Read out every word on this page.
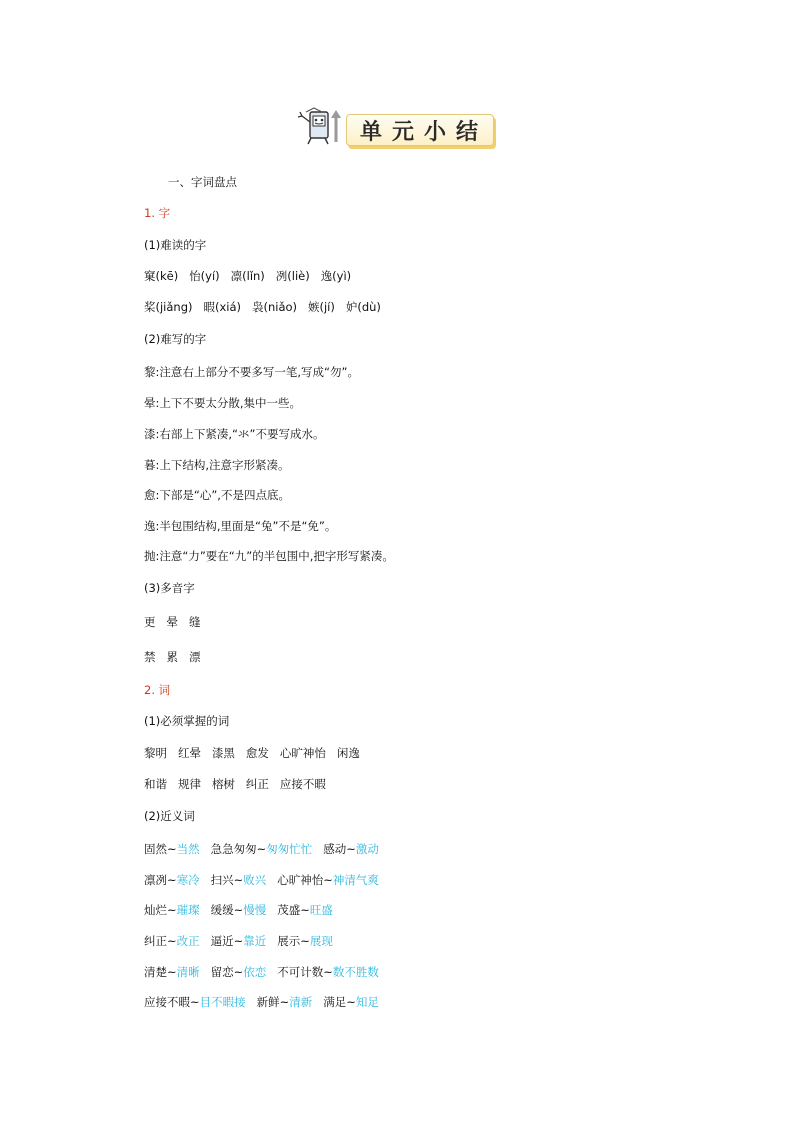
单元小结
一、字词盘点
1. 字
(1)难读的字
窠(kē) 怡(yí) 凛(lǐn) 冽(liè) 逸(yì)
桨(jiǎng) 暇(xiá) 袅(niǎo) 嫉(jí) 妒(dù)
(2)难写的字
黎:注意右上部分不要多写一笔,写成“勿”。
晕:上下不要太分散,集中一些。
漆:右部上下紧凑,“氺”不要写成水。
暮:上下结构,注意字形紧凑。
愈:下部是“心”,不是四点底。
逸:半包围结构,里面是“兔”不是“免”。
抛:注意“力”要在“九”的半包围中,把字形写紧凑。
(3)多音字
更 晕 缝
禁 累 漂
2. 词
(1)必须掌握的词
黎明 红晕 漆黑 愈发 心旷神怡 闲逸
和谐 规律 榕树 纠正 应接不暇
(2)近义词
固然~当然 急急匆匆~匆匆忙忙 感动~激动
凛冽~寒冷 扫兴~败兴 心旷神怡~神清气爽
灿烂~璀璨 缓缓~慢慢 茂盛~旺盛
纠正~改正 逼近~靠近 展示~展现
清楚~清晰 留恋~依恋 不可计数~数不胜数
应接不暇~目不暇接 新鲜~清新 满足~知足
